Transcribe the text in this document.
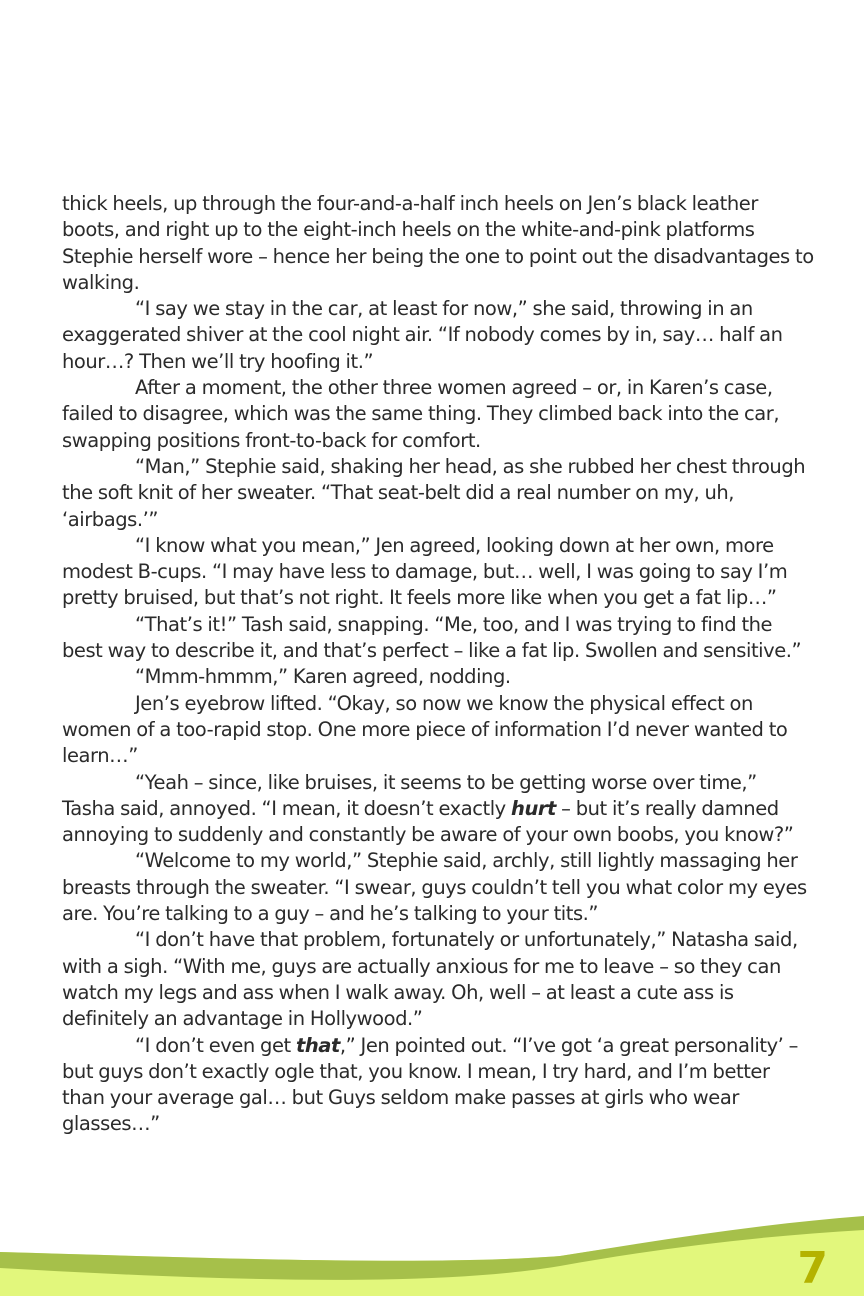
thick heels, up through the four-and-a-half inch heels on Jen’s black leather boots, and right up to the eight-inch heels on the white-and-pink platforms Stephie herself wore – hence her being the one to point out the disadvantages to walking.

“I say we stay in the car, at least for now,” she said, throwing in an exaggerated shiver at the cool night air. “If nobody comes by in, say… half an hour…? Then we’ll try hoofing it.”

After a moment, the other three women agreed – or, in Karen’s case, failed to disagree, which was the same thing. They climbed back into the car, swapping positions front-to-back for comfort.

“Man,” Stephie said, shaking her head, as she rubbed her chest through the soft knit of her sweater. “That seat-belt did a real number on my, uh, ‘airbags.’”

“I know what you mean,” Jen agreed, looking down at her own, more modest B-cups. “I may have less to damage, but… well, I was going to say I’m pretty bruised, but that’s not right. It feels more like when you get a fat lip…”

“That’s it!” Tash said, snapping. “Me, too, and I was trying to find the best way to describe it, and that’s perfect – like a fat lip. Swollen and sensitive.”

“Mmm-hmmm,” Karen agreed, nodding.

Jen’s eyebrow lifted. “Okay, so now we know the physical effect on women of a too-rapid stop. One more piece of information I’d never wanted to learn…”

“Yeah – since, like bruises, it seems to be getting worse over time,” Tasha said, annoyed. “I mean, it doesn’t exactly hurt – but it’s really damned annoying to suddenly and constantly be aware of your own boobs, you know?”

“Welcome to my world,” Stephie said, archly, still lightly massaging her breasts through the sweater. “I swear, guys couldn’t tell you what color my eyes are. You’re talking to a guy – and he’s talking to your tits.”

“I don’t have that problem, fortunately or unfortunately,” Natasha said, with a sigh. “With me, guys are actually anxious for me to leave – so they can watch my legs and ass when I walk away. Oh, well – at least a cute ass is definitely an advantage in Hollywood.”

“I don’t even get that,” Jen pointed out. “I’ve got ‘a great personality’ – but guys don’t exactly ogle that, you know. I mean, I try hard, and I’m better than your average gal… but Guys seldom make passes at girls who wear glasses…”

7
